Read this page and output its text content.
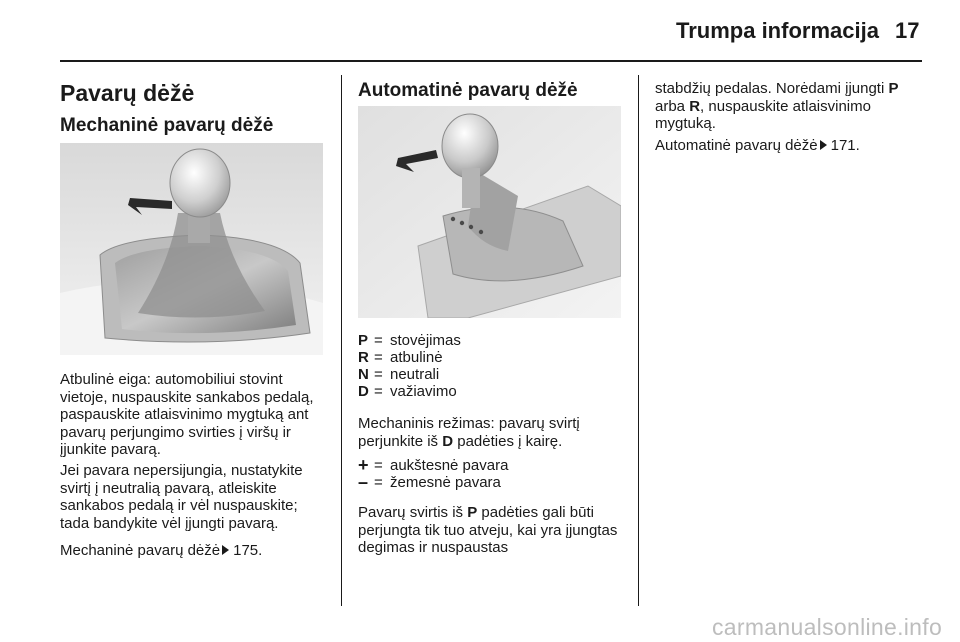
Trumpa informacija 17
Pavarų dėžė
Mechaninė pavarų dėžė
Atbulinė eiga: automobiliui stovint vietoje, nuspauskite sankabos pedalą, paspauskite atlaisvinimo mygtuką ant pavarų perjungimo svirties į viršų ir įjunkite pavarą.
Jei pavara nepersijungia, nustatykite svirtį į neutralią pavarą, atleiskite sankabos pedalą ir vėl nuspauskite; tada bandykite vėl įjungti pavarą.
Mechaninė pavarų dėžė 175.
Automatinė pavarų dėžė
P = stovėjimas
R = atbulinė
N = neutrali
D = važiavimo
Mechaninis režimas: pavarų svirtį perjunkite iš D padėties į kairę.
+ = aukštesnė pavara
– = žemesnė pavara
Pavarų svirtis iš P padėties gali būti perjungta tik tuo atveju, kai yra įjungtas degimas ir nuspaustas
stabdžių pedalas. Norėdami įjungti P arba R, nuspauskite atlaisvinimo mygtuką.
Automatinė pavarų dėžė 171.
carmanualsonline.info
